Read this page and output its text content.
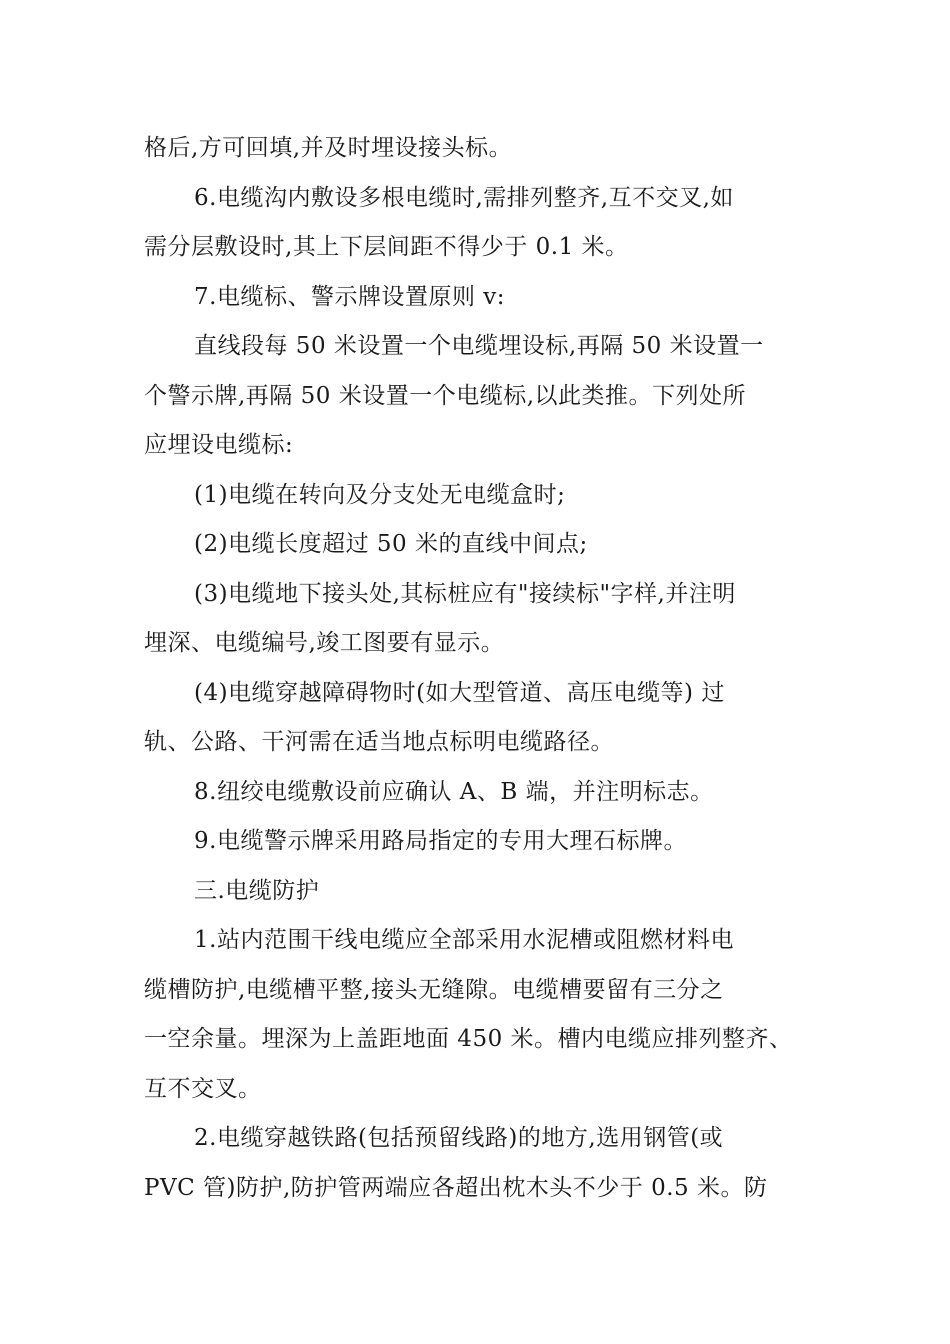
格后,方可回填,并及时埋设接头标。

6.电缆沟内敷设多根电缆时,需排列整齐,互不交叉,如

需分层敷设时,其上下层间距不得少于 0.1 米。

7.电缆标、警示牌设置原则 v:

直线段每 50 米设置一个电缆埋设标,再隔 50 米设置一

个警示牌,再隔 50 米设置一个电缆标,以此类推。下列处所

应埋设电缆标:

(1)电缆在转向及分支处无电缆盒时;

(2)电缆长度超过 50 米的直线中间点;

(3)电缆地下接头处,其标桩应有"接续标"字样,并注明

埋深、电缆编号,竣工图要有显示。

(4)电缆穿越障碍物时(如大型管道、高压电缆等) 过

轨、公路、干河需在适当地点标明电缆路径。

8.纽绞电缆敷设前应确认 A、B 端，并注明标志。

9.电缆警示牌采用路局指定的专用大理石标牌。

三.电缆防护

1.站内范围干线电缆应全部采用水泥槽或阻燃材料电

缆槽防护,电缆槽平整,接头无缝隙。电缆槽要留有三分之

一空余量。埋深为上盖距地面 450 米。槽内电缆应排列整齐、

互不交叉。

2.电缆穿越铁路(包括预留线路)的地方,选用钢管(或

PVC 管)防护,防护管两端应各超出枕木头不少于 0.5 米。防
